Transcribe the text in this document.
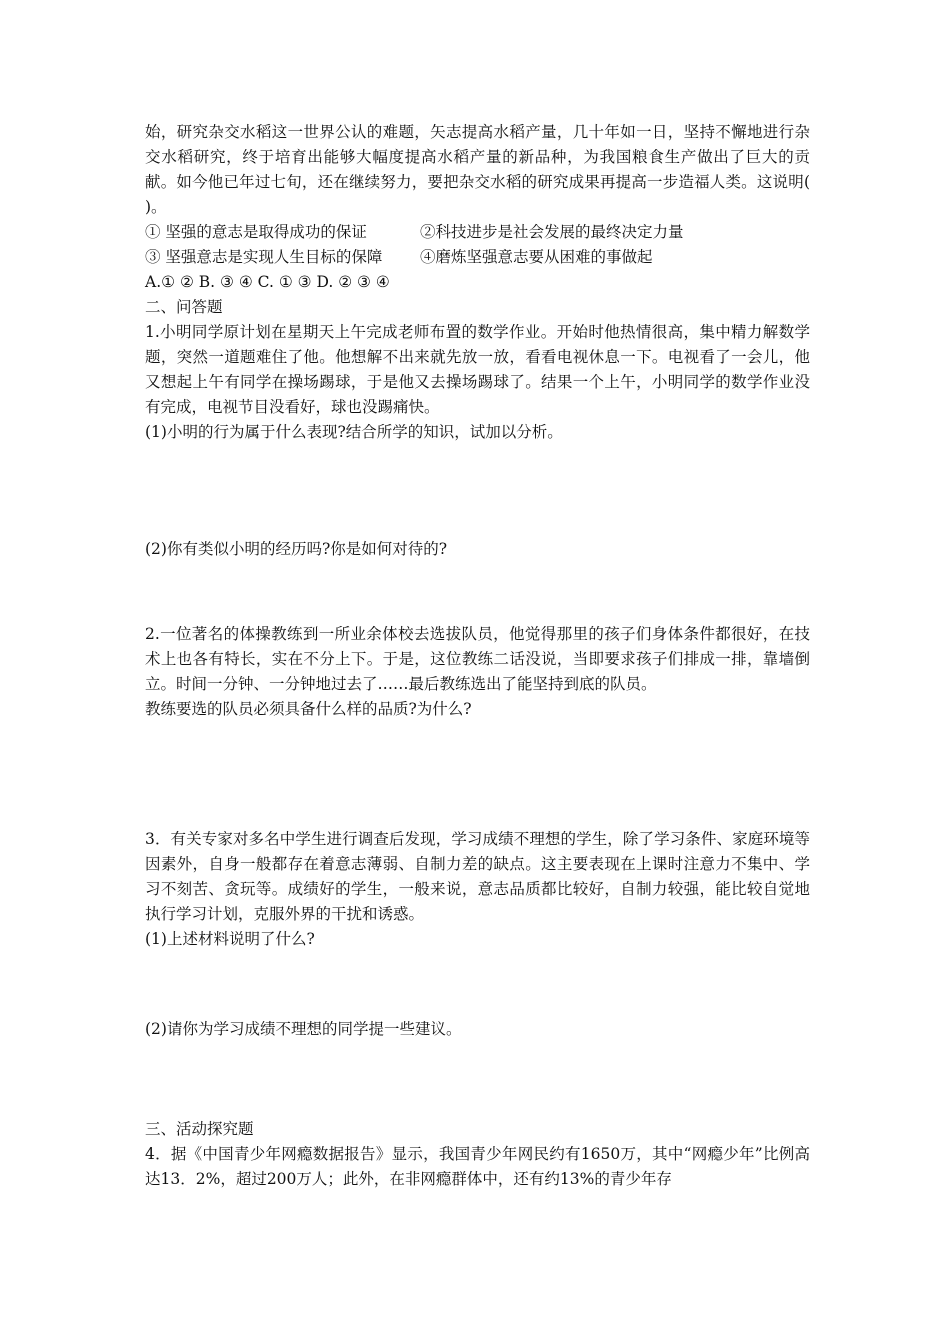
始，研究杂交水稻这一世界公认的难题，矢志提高水稻产量，几十年如一日，坚持不懈地进行杂交水稻研究，终于培育出能够大幅度提高水稻产量的新品种，为我国粮食生产做出了巨大的贡献。如今他已年过七旬，还在继续努力，要把杂交水稻的研究成果再提高一步造福人类。这说明( )。

① 坚强的意志是取得成功的保证	②科技进步是社会发展的最终决定力量

③ 坚强意志是实现人生目标的保障 ④磨炼坚强意志要从困难的事做起

A.① ② B. ③ ④ C. ① ③ D. ② ③ ④

二、问答题

1.小明同学原计划在星期天上午完成老师布置的数学作业。开始时他热情很高，集中精力解数学题，突然一道题难住了他。他想解不出来就先放一放，看看电视休息一下。电视看了一会儿，他又想起上午有同学在操场踢球，于是他又去操场踢球了。结果一个上午，小明同学的数学作业没有完成，电视节目没看好，球也没踢痛快。

(1)小明的行为属于什么表现?结合所学的知识，试加以分析。

(2)你有类似小明的经历吗?你是如何对待的?

2.一位著名的体操教练到一所业余体校去选拔队员，他觉得那里的孩子们身体条件都很好，在技术上也各有特长，实在不分上下。于是，这位教练二话没说，当即要求孩子们排成一排，靠墙倒立。时间一分钟、一分钟地过去了……最后教练选出了能坚持到底的队员。

教练要选的队员必须具备什么样的品质?为什么?

3．有关专家对多名中学生进行调查后发现，学习成绩不理想的学生，除了学习条件、家庭环境等因素外，自身一般都存在着意志薄弱、自制力差的缺点。这主要表现在上课时注意力不集中、学习不刻苦、贪玩等。成绩好的学生，一般来说，意志品质都比较好，自制力较强，能比较自觉地执行学习计划，克服外界的干扰和诱惑。

(1)上述材料说明了什么?

(2)请你为学习成绩不理想的同学提一些建议。

三、活动探究题

4．据《中国青少年网瘾数据报告》显示，我国青少年网民约有1650万，其中“网瘾少年”比例高达13．2%，超过200万人；此外，在非网瘾群体中，还有约13%的青少年存
